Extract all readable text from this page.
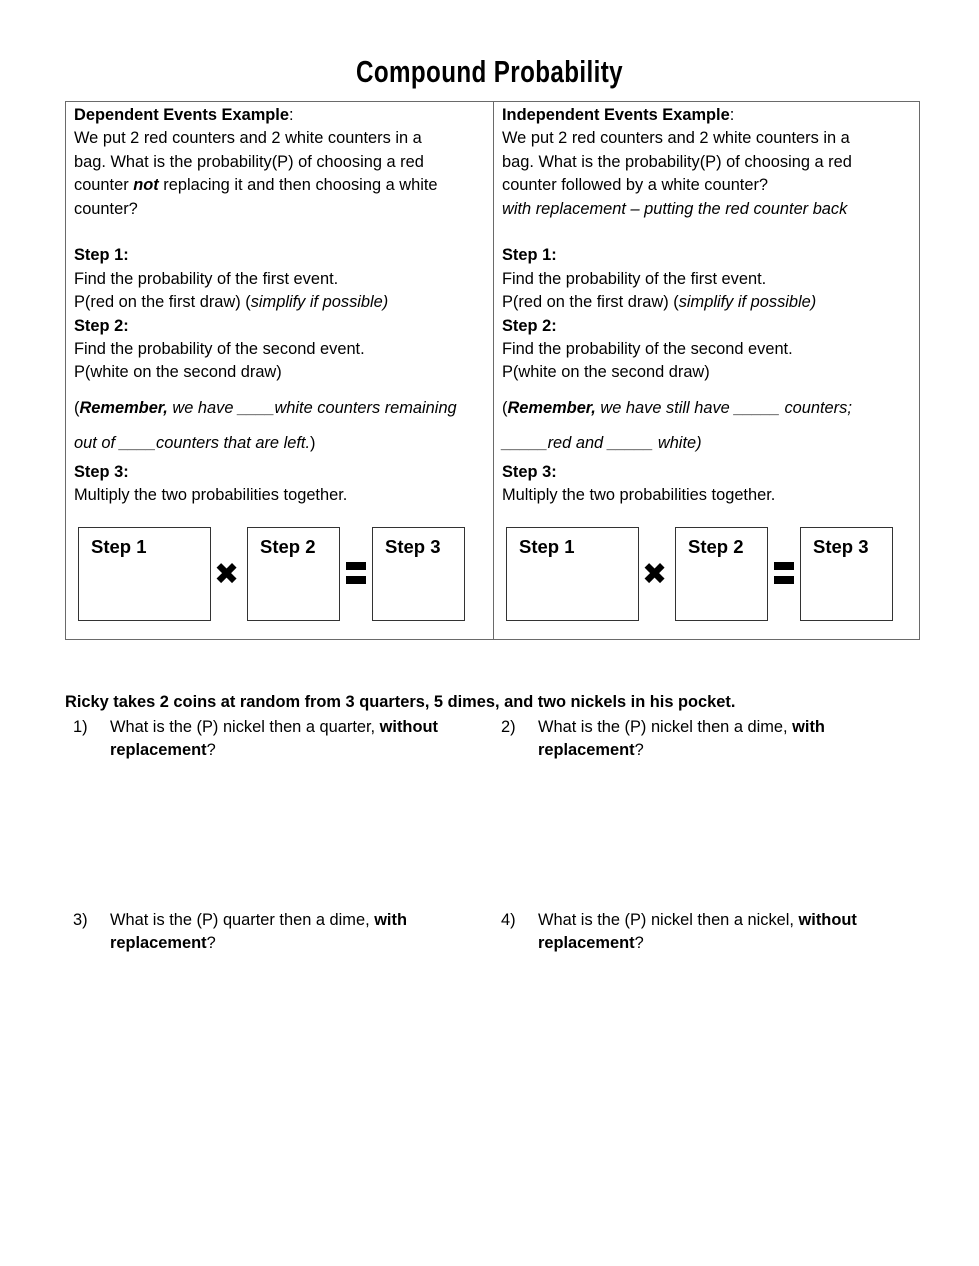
Compound Probability
Dependent Events Example:
We put 2 red counters and 2 white counters in a
bag. What is the probability(P) of choosing a red
counter not replacing it and then choosing a white
counter?
Step 1:
Find the probability of the first event.
P(red on the first draw) (simplify if possible)
Step 2:
Find the probability of the second event.
P(white on the second draw)
(Remember, we have ____white counters remaining
out of ____counters that are left.)
Step 3:
Multiply the two probabilities together.
Independent Events Example:
We put 2 red counters and 2 white counters in a
bag. What is the probability(P) of choosing a red
counter followed by a white counter?
with replacement – putting the red counter back
Step 1:
Find the probability of the first event.
P(red on the first draw) (simplify if possible)
Step 2:
Find the probability of the second event.
P(white on the second draw)
(Remember, we have still have _____ counters;
_____red and _____ white)
Step 3:
Multiply the two probabilities together.
Step 1
✖
Step 2	Step 3	Step 1
✖
Step 2	Step 3
Ricky takes 2 coins at random from 3 quarters, 5 dimes, and two nickels in his pocket.
1) What is the (P) nickel then a quarter, without
replacement?
2) What is the (P) nickel then a dime, with
replacement?
3) What is the (P) quarter then a dime, with
replacement?
4) What is the (P) nickel then a nickel, without
replacement?
